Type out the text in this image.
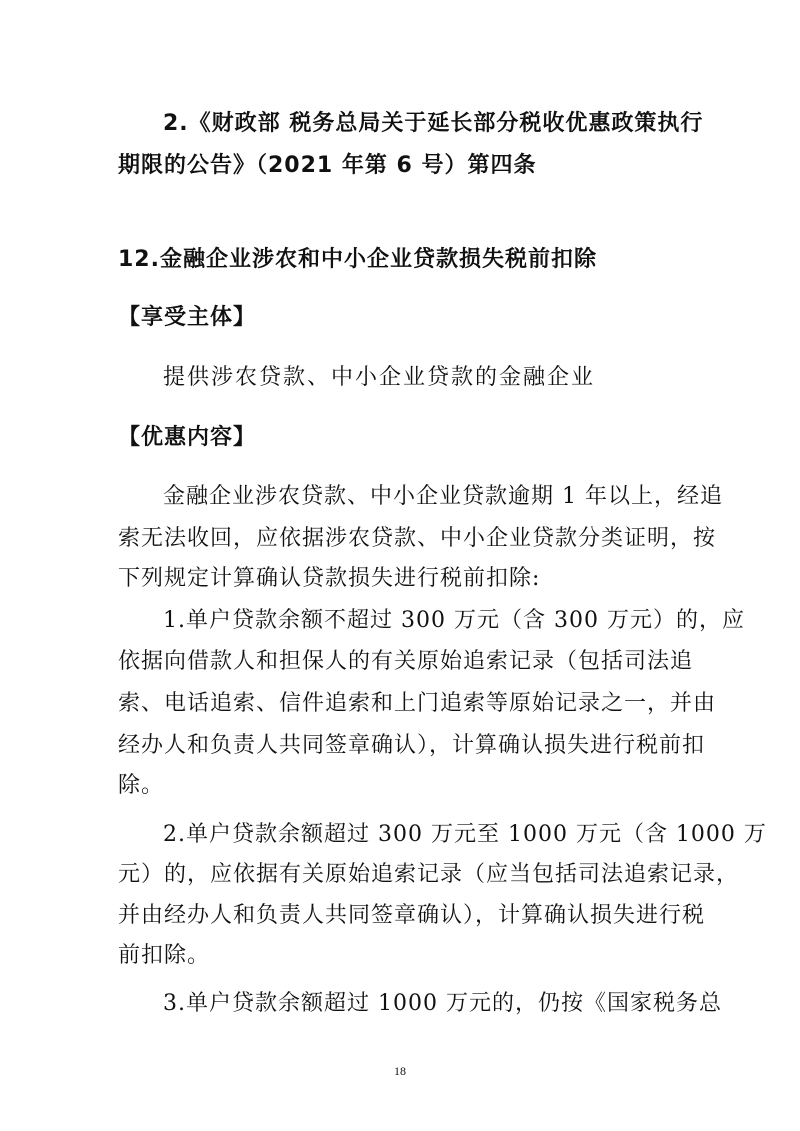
2.《财政部 税务总局关于延长部分税收优惠政策执行

期限的公告》（2021 年第 6 号）第四条

12.金融企业涉农和中小企业贷款损失税前扣除

【享受主体】

提供涉农贷款、中小企业贷款的金融企业

【优惠内容】

金融企业涉农贷款、中小企业贷款逾期 1 年以上，经追

索无法收回，应依据涉农贷款、中小企业贷款分类证明，按

下列规定计算确认贷款损失进行税前扣除:

1.单户贷款余额不超过 300 万元（含 300 万元）的，应

依据向借款人和担保人的有关原始追索记录（包括司法追

索、电话追索、信件追索和上门追索等原始记录之一，并由

经办人和负责人共同签章确认），计算确认损失进行税前扣

除。

2.单户贷款余额超过 300 万元至 1000 万元（含 1000 万

元）的，应依据有关原始追索记录（应当包括司法追索记录，

并由经办人和负责人共同签章确认），计算确认损失进行税

前扣除。

3.单户贷款余额超过 1000 万元的，仍按《国家税务总

18
